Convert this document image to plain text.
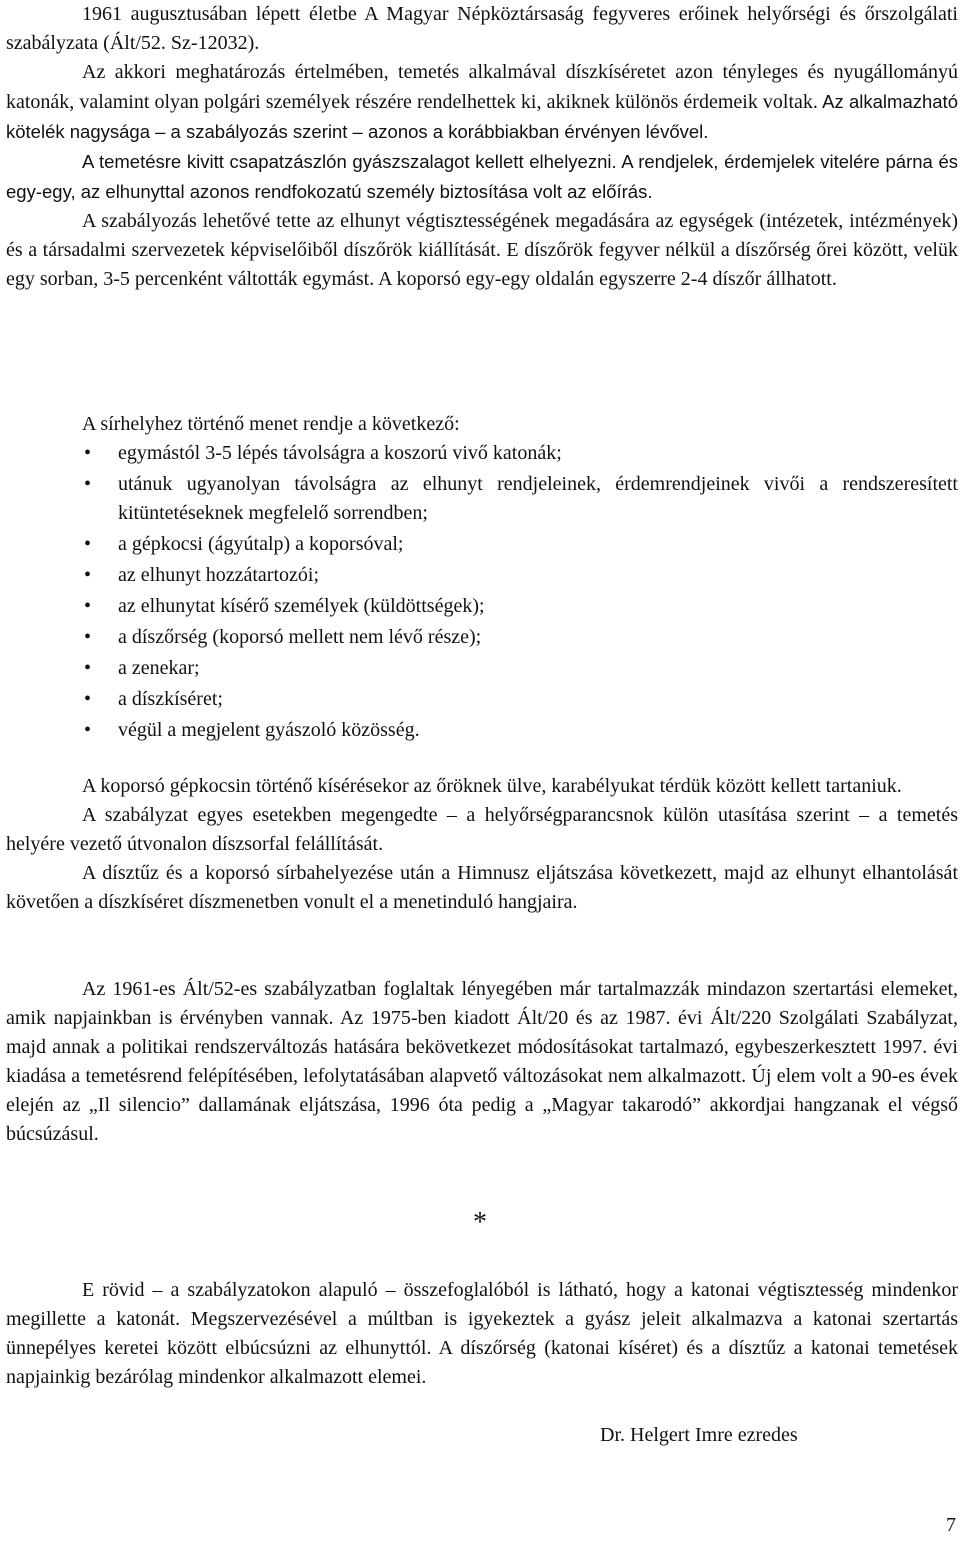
1961 augusztusában lépett életbe A Magyar Népköztársaság fegyveres erőinek helyőrségi és őrszolgálati szabályzata (Ált/52. Sz-12032).

Az akkori meghatározás értelmében, temetés alkalmával díszkíséretet azon tényleges és nyugállományú katonák, valamint olyan polgári személyek részére rendelhettek ki, akiknek különös érdemeik voltak. Az alkalmazható kötelék nagysága – a szabályozás szerint – azonos a korábbiakban érvényen lévővel.

A temetésre kivitt csapatzászlón gyászszalagot kellett elhelyezni. A rendjelek, érdemjelek vitelére párna és egy-egy, az elhunyttal azonos rendfokozatú személy biztosítása volt az előírás.

A szabályozás lehetővé tette az elhunyt végtisztességének megadására az egységek (intézetek, intézmények) és a társadalmi szervezetek képviselőiből díszőrök kiállítását. E díszőrök fegyver nélkül a díszőrség őrei között, velük egy sorban, 3-5 percenként váltották egymást. A koporsó egy-egy oldalán egyszerre 2-4 díszőr állhatott.

A sírhelyhez történő menet rendje a következő:

• egymástól 3-5 lépés távolságra a koszorú vivő katonák;
• utánuk ugyanolyan távolságra az elhunyt rendjeleinek, érdemrendjeinek vivői a rendszeresített kitüntetéseknek megfelelő sorrendben;
• a gépkocsi (ágyútalp) a koporsóval;
• az elhunyt hozzátartozói;
• az elhunytat kísérő személyek (küldöttségek);
• a díszőrség (koporsó mellett nem lévő része);
• a zenekar;
• a díszkíséret;
• végül a megjelent gyászoló közösség.

A koporsó gépkocsin történő kísérésekor az őröknek ülve, karabélyukat térdük között kellett tartaniuk.

A szabályzat egyes esetekben megengedte – a helyőrségparancsnok külön utasítása szerint – a temetés helyére vezető útvonalon díszsorfal felállítását.

A dísztűz és a koporsó sírbahelyezése után a Himnusz eljátszása következett, majd az elhunyt elhantolását követően a díszkíséret díszmenetben vonult el a menetinduló hangjaira.

Az 1961-es Ált/52-es szabályzatban foglaltak lényegében már tartalmazzák mindazon szertartási elemeket, amik napjainkban is érvényben vannak. Az 1975-ben kiadott Ált/20 és az 1987. évi Ált/220 Szolgálati Szabályzat, majd annak a politikai rendszerváltozás hatására bekövetkezet módosításokat tartalmazó, egybeszerkesztett 1997. évi kiadása a temetésrend felépítésében, lefolytatásában alapvető változásokat nem alkalmazott. Új elem volt a 90-es évek elején az „Il silencio” dallamának eljátszása, 1996 óta pedig a „Magyar takarodó” akkordjai hangzanak el végső búcsúzásul.

*

E rövid – a szabályzatokon alapuló – összefoglalóból is látható, hogy a katonai végtisztesség mindenkor megillette a katonát. Megszervezésével a múltban is igyekeztek a gyász jeleit alkalmazva a katonai szertartás ünnepélyes keretei között elbúcsúzni az elhunyttól. A díszőrség (katonai kíséret) és a dísztűz a katonai temetések napjainkig bezárólag mindenkor alkalmazott elemei.

Dr. Helgert Imre ezredes
7
